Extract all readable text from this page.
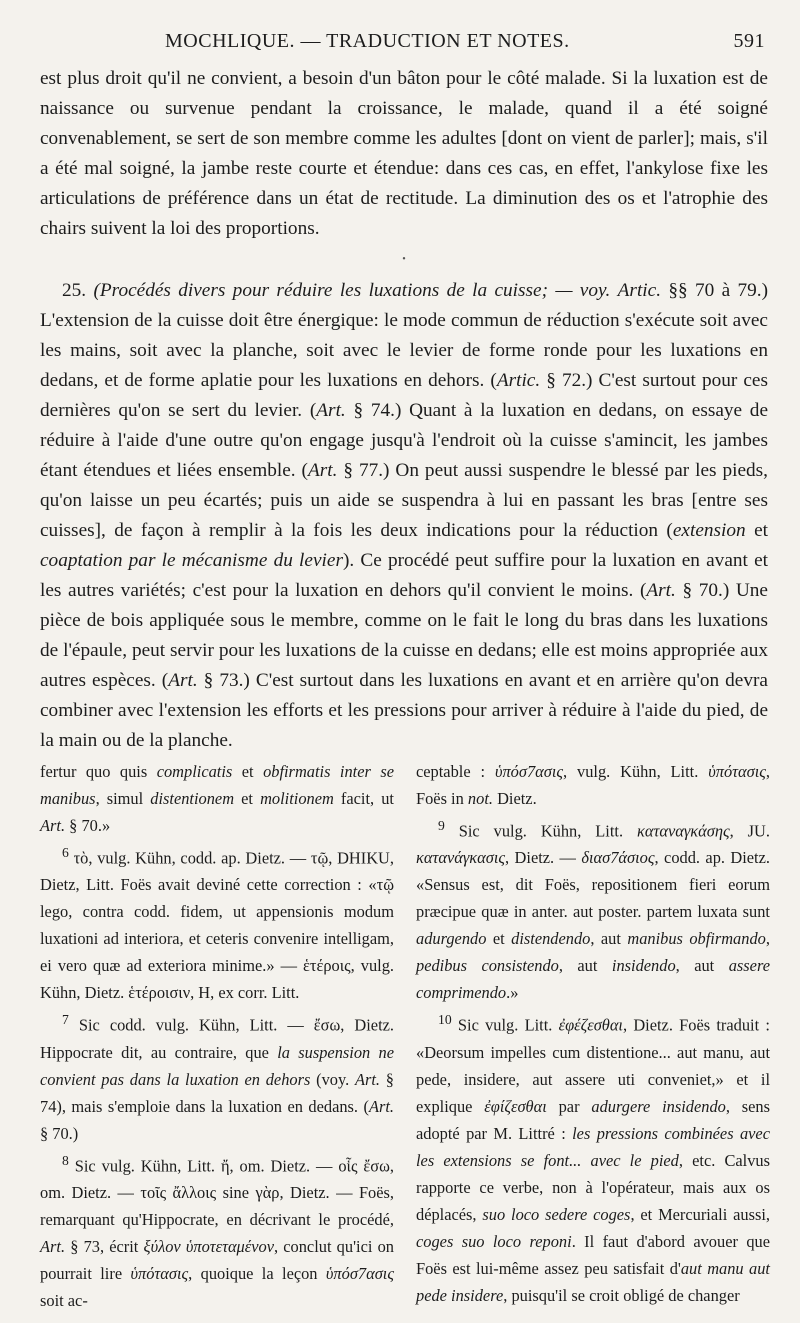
MOCHLIQUE. — TRADUCTION ET NOTES.	591

est plus droit qu'il ne convient, a besoin d'un bâton pour le côté malade. Si la luxation est de naissance ou survenue pendant la croissance, le malade, quand il a été soigné convenablement, se sert de son membre comme les adultes [dont on vient de parler]; mais, s'il a été mal soigné, la jambe reste courte et étendue: dans ces cas, en effet, l'ankylose fixe les articulations de préférence dans un état de rectitude. La diminution des os et l'atrophie des chairs suivent la loi des proportions.

•

25. (Procédés divers pour réduire les luxations de la cuisse; — voy. Artic. §§ 70 à 79.) L'extension de la cuisse doit être énergique: le mode commun de réduction s'exécute soit avec les mains, soit avec la planche, soit avec le levier de forme ronde pour les luxations en dedans, et de forme aplatie pour les luxations en dehors. (Artic. § 72.) C'est surtout pour ces dernières qu'on se sert du levier. (Art. § 74.) Quant à la luxation en dedans, on essaye de réduire à l'aide d'une outre qu'on engage jusqu'à l'endroit où la cuisse s'amincit, les jambes étant étendues et liées ensemble. (Art. § 77.) On peut aussi suspendre le blessé par les pieds, qu'on laisse un peu écartés; puis un aide se suspendra à lui en passant les bras [entre ses cuisses], de façon à remplir à la fois les deux indications pour la réduction (extension et coaptation par le mécanisme du levier). Ce procédé peut suffire pour la luxation en avant et les autres variétés; c'est pour la luxation en dehors qu'il convient le moins. (Art. § 70.) Une pièce de bois appliquée sous le membre, comme on le fait le long du bras dans les luxations de l'épaule, peut servir pour les luxations de la cuisse en dedans; elle est moins appropriée aux autres espèces. (Art. § 73.) C'est surtout dans les luxations en avant et en arrière qu'on devra combiner avec l'extension les efforts et les pressions pour arriver à réduire à l'aide du pied, de la main ou de la planche.

fertur quo quis complicatis et obfirmatis inter se manibus, simul distentionem et molitionem facit, ut Art. § 70.»

$^6$ τὸ, vulg. Kühn, codd. ap. Dietz. — τῷ, DHIKU, Dietz, Litt. Foës avait deviné cette correction : «τῷ lego, contra codd. fidem, ut appensionis modum luxationi ad interiora, et ceteris convenire intelligam, ei vero quæ ad exteriora minime.» — ἑτέροις, vulg. Kühn, Dietz. ἑτέροισιν, H, ex corr. Litt.

$^7$ Sic codd. vulg. Kühn, Litt. — ἔσω, Dietz. Hippocrate dit, au contraire, que la suspension ne convient pas dans la luxation en dehors (voy. Art. § 74), mais s'emploie dans la luxation en dedans. (Art. § 70.)

$^8$ Sic vulg. Kühn, Litt. ἤ, om. Dietz. — οἷς ἔσω, om. Dietz. — τοῖς ἄλλοις sine γὰρ, Dietz. — Foës, remarquant qu'Hippocrate, en décrivant le procédé, Art. § 73, écrit ξύλον ὑποτεταμένον, conclut qu'ici on pourrait lire ὑπότασις, quoique la leçon ὑπόσ7ασις soit ac-

ceptable : ὑπόσ7ασις, vulg. Kühn, Litt. ὑπότασις, Foës in not. Dietz.

$^9$ Sic vulg. Kühn, Litt. καταναγκάσης, JU. κατανάγκασις, Dietz. — διασ7άσιος, codd. ap. Dietz. «Sensus est, dit Foës, repositionem fieri eorum præcipue quæ in anter. aut poster. partem luxata sunt adurgendo et distendendo, aut manibus obfirmando, pedibus consistendo, aut insidendo, aut assere comprimendo.»

$^{10}$ Sic vulg. Litt. ἐφέζεσθαι, Dietz. Foës traduit : «Deorsum impelles cum distentione... aut manu, aut pede, insidere, aut assere uti conveniet,» et il explique ἐφίζεσθαι par adurgere insidendo, sens adopté par M. Littré : les pressions combinées avec les extensions se font... avec le pied, etc. Calvus rapporte ce verbe, non à l'opérateur, mais aux os déplacés, suo loco sedere coges, et Mercuriali aussi, coges suo loco reponi. Il faut d'abord avouer que Foës est lui-même assez peu satisfait d'aut manu aut pede insidere, puisqu'il se croit obligé de changer
